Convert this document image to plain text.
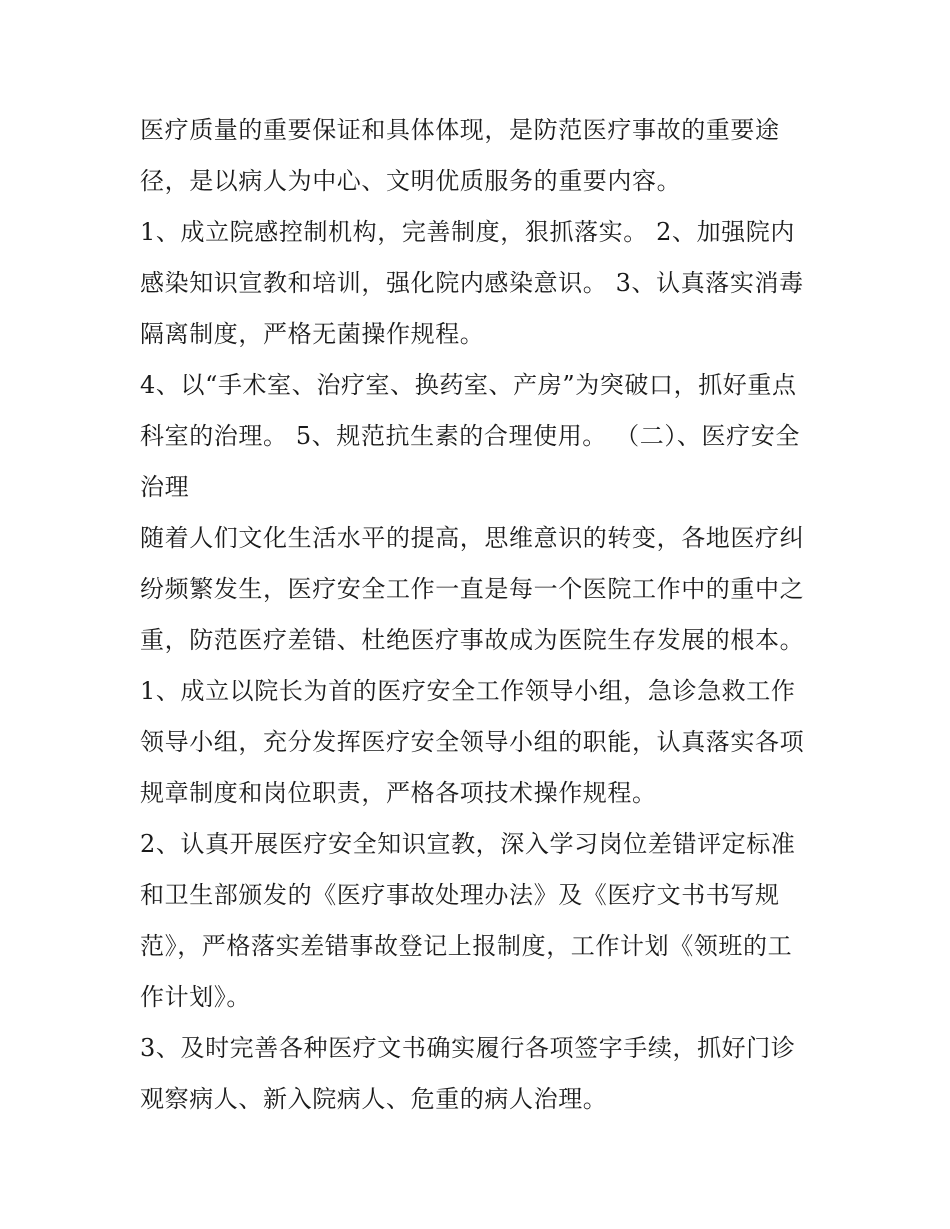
医疗质量的重要保证和具体体现，是防范医疗事故的重要途
径，是以病人为中心、文明优质服务的重要内容。
1、成立院感控制机构，完善制度，狠抓落实。 2、加强院内
感染知识宣教和培训，强化院内感染意识。 3、认真落实消毒
隔离制度，严格无菌操作规程。
4、以“手术室、治疗室、换药室、产房”为突破口，抓好重点
科室的治理。 5、规范抗生素的合理使用。 （二）、医疗安全
治理
随着人们文化生活水平的提高，思维意识的转变，各地医疗纠
纷频繁发生，医疗安全工作一直是每一个医院工作中的重中之
重，防范医疗差错、杜绝医疗事故成为医院生存发展的根本。
1、成立以院长为首的医疗安全工作领导小组，急诊急救工作
领导小组，充分发挥医疗安全领导小组的职能，认真落实各项
规章制度和岗位职责，严格各项技术操作规程。
2、认真开展医疗安全知识宣教，深入学习岗位差错评定标准
和卫生部颁发的《医疗事故处理办法》及《医疗文书书写规
范》，严格落实差错事故登记上报制度，工作计划《领班的工
作计划》。
3、及时完善各种医疗文书确实履行各项签字手续，抓好门诊
观察病人、新入院病人、危重的病人治理。
